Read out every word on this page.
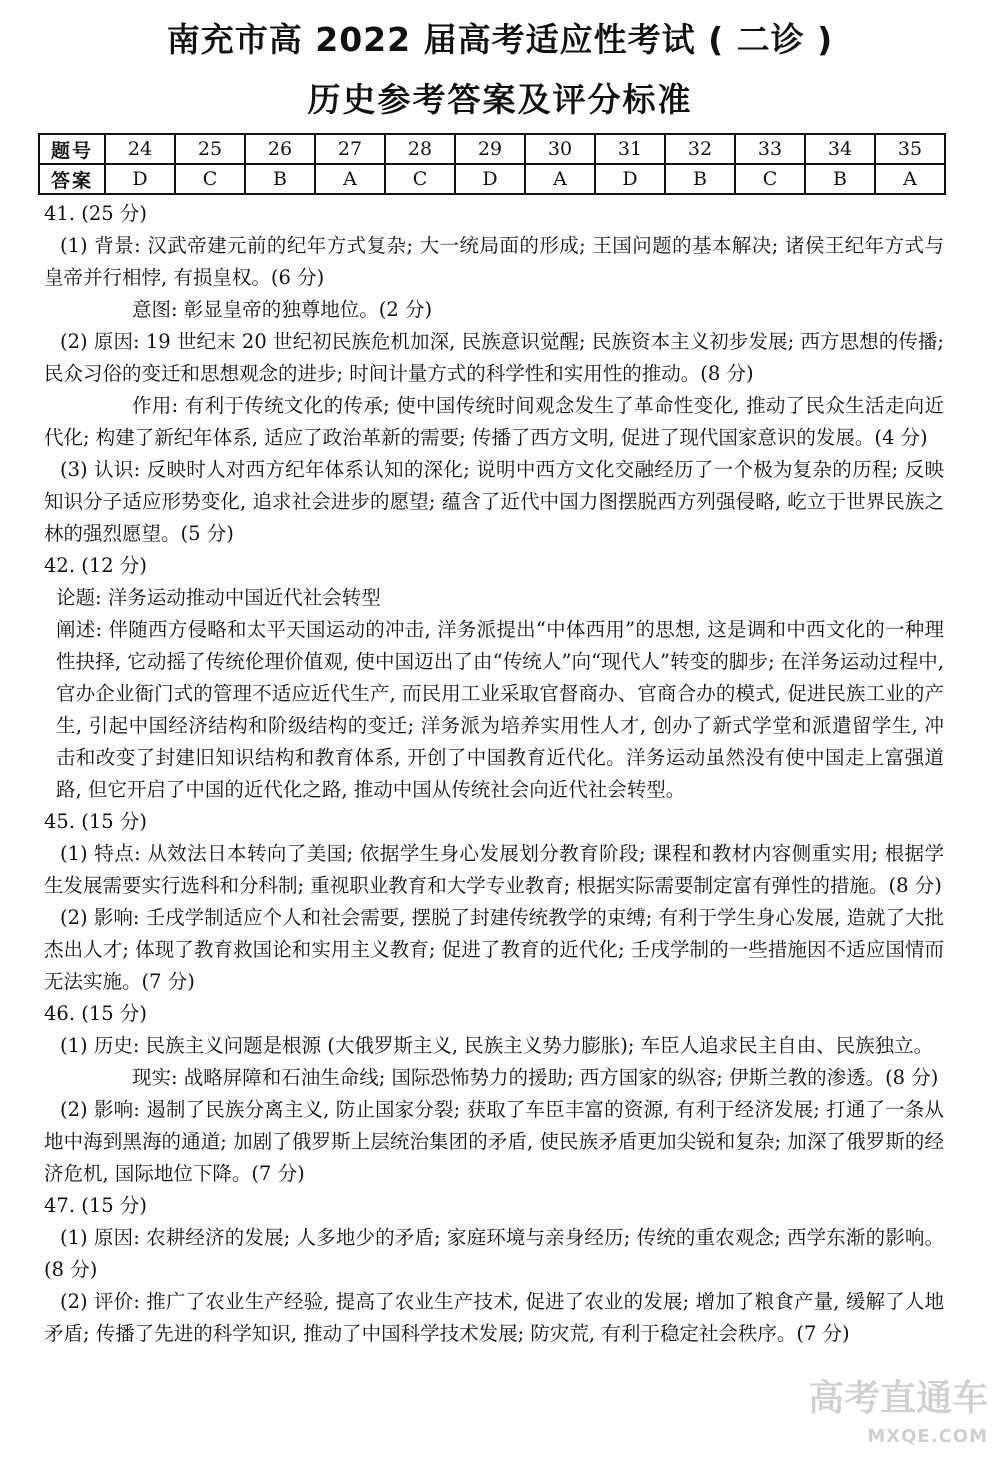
南充市高 2022 届高考适应性考试 ( 二诊 )
历史参考答案及评分标准
题号	24	25	26	27	28	29	30	31	32	33	34	35
答案	D	C	B	A	C	D	A	D	B	C	B	A

41. (25 分)

(1) 背景: 汉武帝建元前的纪年方式复杂; 大一统局面的形成; 王国问题的基本解决; 诸侯王纪年方式与皇帝并行相悖, 有损皇权。(6 分)

意图: 彰显皇帝的独尊地位。(2 分)

(2) 原因: 19 世纪末 20 世纪初民族危机加深, 民族意识觉醒; 民族资本主义初步发展; 西方思想的传播; 民众习俗的变迁和思想观念的进步; 时间计量方式的科学性和实用性的推动。(8 分)

作用: 有利于传统文化的传承; 使中国传统时间观念发生了革命性变化, 推动了民众生活走向近代化; 构建了新纪年体系, 适应了政治革新的需要; 传播了西方文明, 促进了现代国家意识的发展。(4 分)

(3) 认识: 反映时人对西方纪年体系认知的深化; 说明中西方文化交融经历了一个极为复杂的历程; 反映知识分子适应形势变化, 追求社会进步的愿望; 蕴含了近代中国力图摆脱西方列强侵略, 屹立于世界民族之林的强烈愿望。(5 分)

42. (12 分)

论题: 洋务运动推动中国近代社会转型

阐述: 伴随西方侵略和太平天国运动的冲击, 洋务派提出“中体西用”的思想, 这是调和中西文化的一种理性抉择, 它动摇了传统伦理价值观, 使中国迈出了由“传统人”向“现代人”转变的脚步; 在洋务运动过程中, 官办企业衙门式的管理不适应近代生产, 而民用工业采取官督商办、官商合办的模式, 促进民族工业的产生, 引起中国经济结构和阶级结构的变迁; 洋务派为培养实用性人才, 创办了新式学堂和派遣留学生, 冲击和改变了封建旧知识结构和教育体系, 开创了中国教育近代化。洋务运动虽然没有使中国走上富强道路, 但它开启了中国的近代化之路, 推动中国从传统社会向近代社会转型。

45. (15 分)

(1) 特点: 从效法日本转向了美国; 依据学生身心发展划分教育阶段; 课程和教材内容侧重实用; 根据学生发展需要实行选科和分科制; 重视职业教育和大学专业教育; 根据实际需要制定富有弹性的措施。(8 分)

(2) 影响: 壬戌学制适应个人和社会需要, 摆脱了封建传统教学的束缚; 有利于学生身心发展, 造就了大批杰出人才; 体现了教育救国论和实用主义教育; 促进了教育的近代化; 壬戌学制的一些措施因不适应国情而无法实施。(7 分)

46. (15 分)

(1) 历史: 民族主义问题是根源 (大俄罗斯主义, 民族主义势力膨胀); 车臣人追求民主自由、民族独立。

现实: 战略屏障和石油生命线; 国际恐怖势力的援助; 西方国家的纵容; 伊斯兰教的渗透。(8 分)

(2) 影响: 遏制了民族分离主义, 防止国家分裂; 获取了车臣丰富的资源, 有利于经济发展; 打通了一条从地中海到黑海的通道; 加剧了俄罗斯上层统治集团的矛盾, 使民族矛盾更加尖锐和复杂; 加深了俄罗斯的经济危机, 国际地位下降。(7 分)

47. (15 分)

(1) 原因: 农耕经济的发展; 人多地少的矛盾; 家庭环境与亲身经历; 传统的重农观念; 西学东渐的影响。(8 分)

(2) 评价: 推广了农业生产经验, 提高了农业生产技术, 促进了农业的发展; 增加了粮食产量, 缓解了人地矛盾; 传播了先进的科学知识, 推动了中国科学技术发展; 防灾荒, 有利于稳定社会秩序。(7 分)

高考直通车
MXQE.COM
